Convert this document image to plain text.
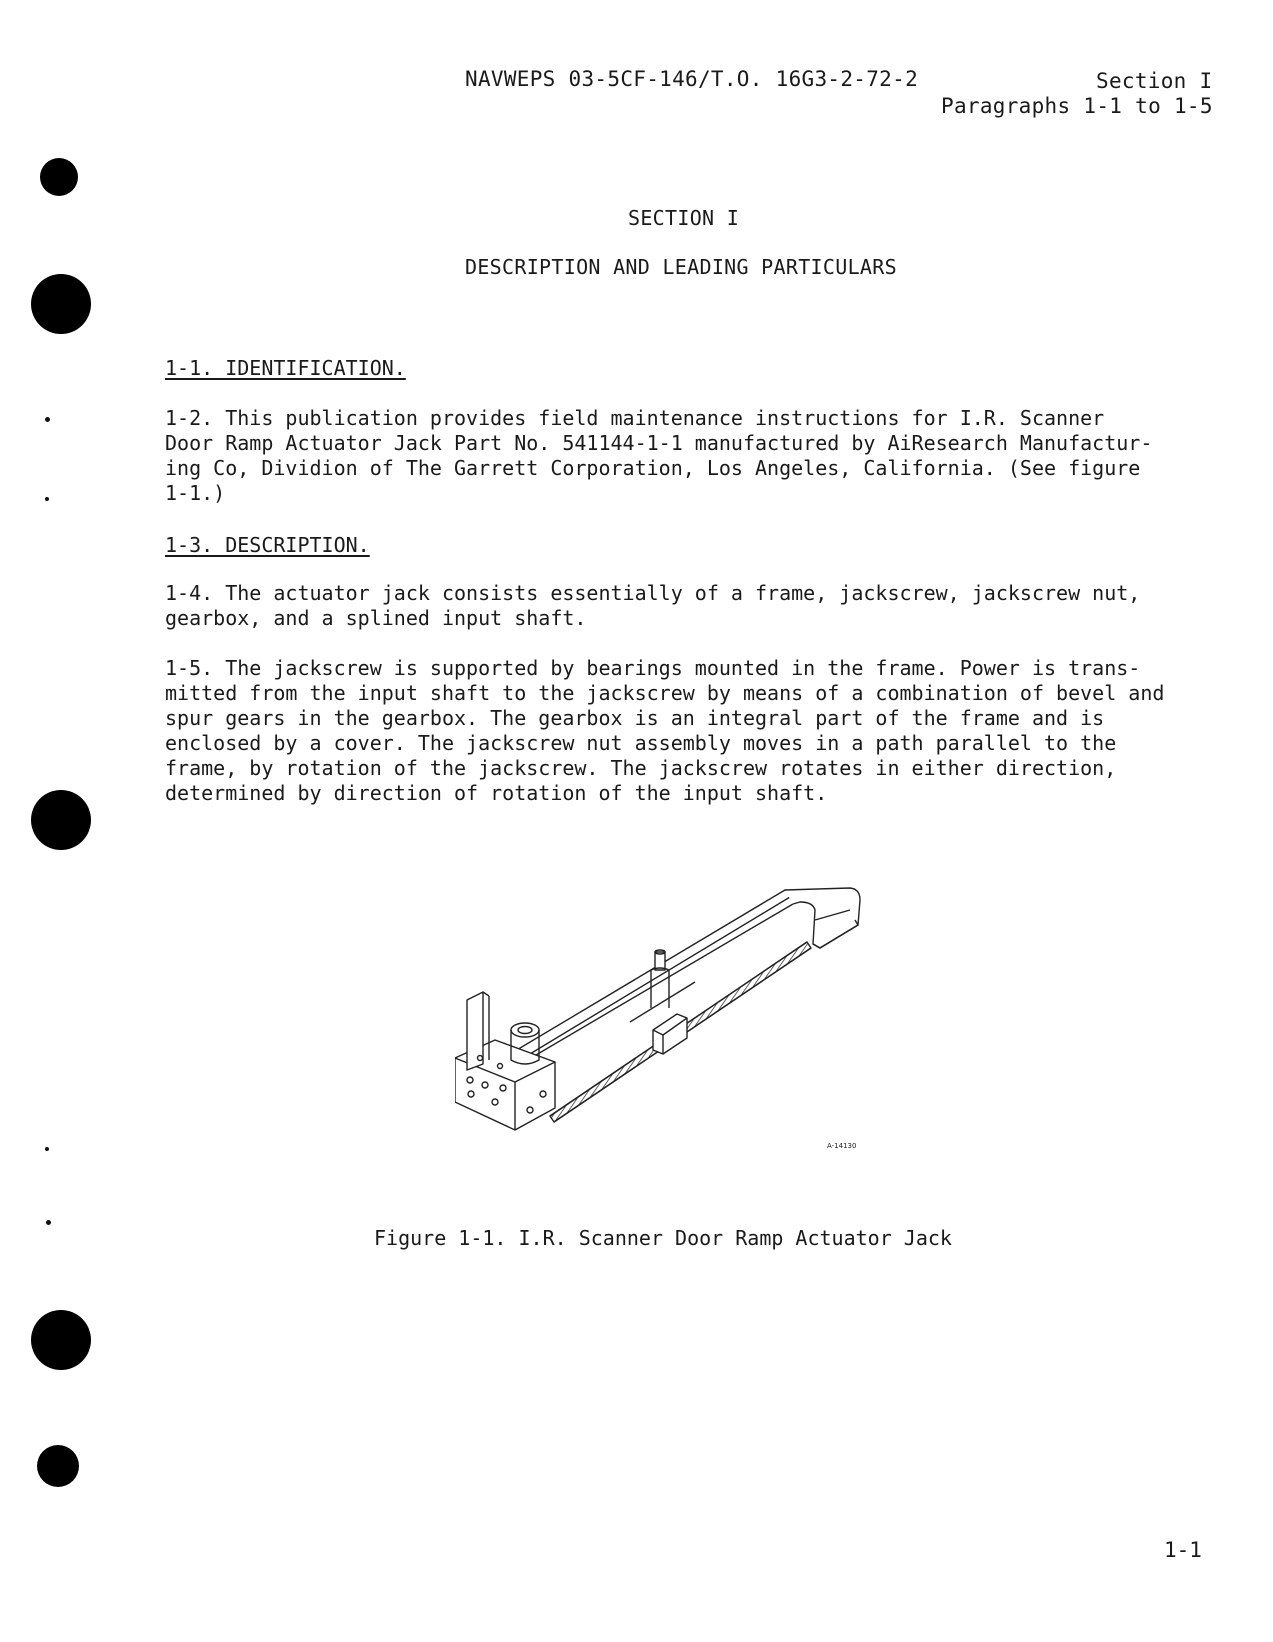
NAVWEPS 03-5CF-146/T.O. 16G3-2-72-2	Section I
Paragraphs 1-1 to 1-5
SECTION I
DESCRIPTION AND LEADING PARTICULARS
1-1. IDENTIFICATION.
1-2. This publication provides field maintenance instructions for I.R. Scanner
Door Ramp Actuator Jack Part No. 541144-1-1 manufactured by AiResearch Manufactur-
ing Co, Dividion of The Garrett Corporation, Los Angeles, California. (See figure
1-1.)
1-3. DESCRIPTION.
1-4. The actuator jack consists essentially of a frame, jackscrew, jackscrew nut,
gearbox, and a splined input shaft.
1-5. The jackscrew is supported by bearings mounted in the frame. Power is trans-
mitted from the input shaft to the jackscrew by means of a combination of bevel and
spur gears in the gearbox. The gearbox is an integral part of the frame and is
enclosed by a cover. The jackscrew nut assembly moves in a path parallel to the
frame, by rotation of the jackscrew. The jackscrew rotates in either direction,
determined by direction of rotation of the input shaft.
A-14130
Figure 1-1. I.R. Scanner Door Ramp Actuator Jack
1-1
